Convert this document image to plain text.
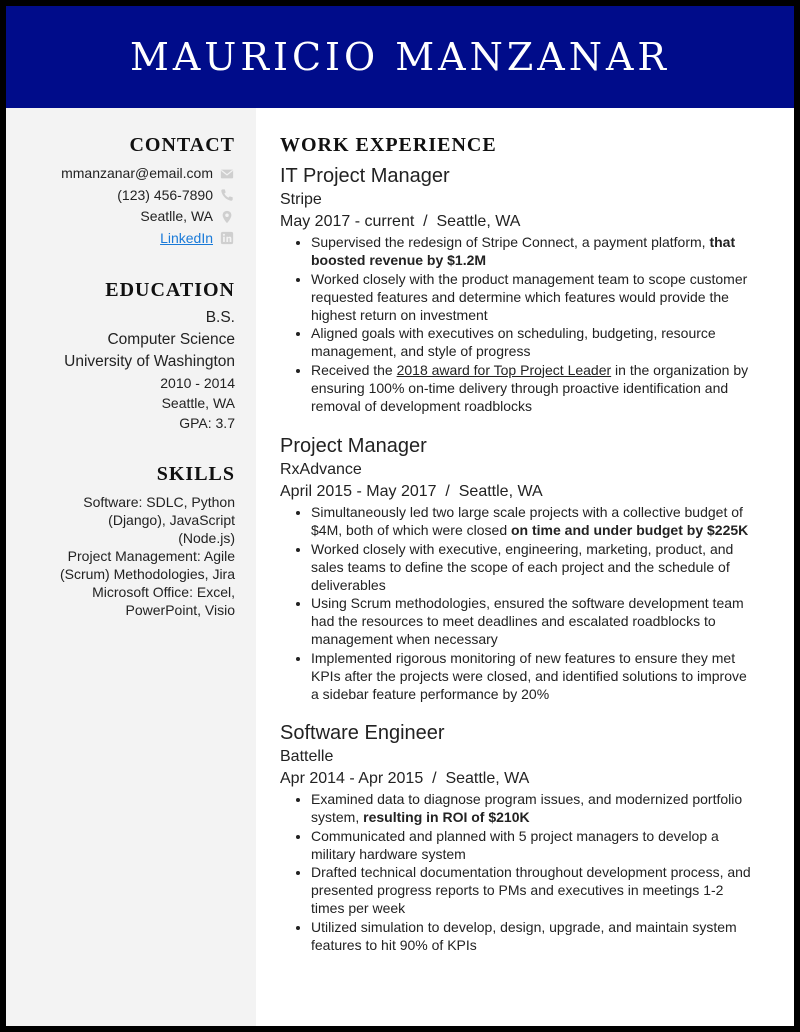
MAURICIO MANZANAR
CONTACT
mmanzanar@email.com
(123) 456-7890
Seatlle, WA
LinkedIn
EDUCATION
B.S.
Computer Science
University of Washington
2010 - 2014
Seattle, WA
GPA: 3.7
SKILLS
Software: SDLC, Python (Django), JavaScript (Node.js)
Project Management: Agile (Scrum) Methodologies, Jira
Microsoft Office: Excel, PowerPoint, Visio
WORK EXPERIENCE
IT Project Manager
Stripe
May 2017 - current  /  Seattle, WA
• Supervised the redesign of Stripe Connect, a payment platform, that boosted revenue by $1.2M
• Worked closely with the product management team to scope customer requested features and determine which features would provide the highest return on investment
• Aligned goals with executives on scheduling, budgeting, resource management, and style of progress
• Received the 2018 award for Top Project Leader in the organization by ensuring 100% on-time delivery through proactive identification and removal of development roadblocks
Project Manager
RxAdvance
April 2015 - May 2017  /  Seattle, WA
• Simultaneously led two large scale projects with a collective budget of $4M, both of which were closed on time and under budget by $225K
• Worked closely with executive, engineering, marketing, product, and sales teams to define the scope of each project and the schedule of deliverables
• Using Scrum methodologies, ensured the software development team had the resources to meet deadlines and escalated roadblocks to management when necessary
• Implemented rigorous monitoring of new features to ensure they met KPIs after the projects were closed, and identified solutions to improve a sidebar feature performance by 20%
Software Engineer
Battelle
Apr 2014 - Apr 2015  /  Seattle, WA
• Examined data to diagnose program issues, and modernized portfolio system, resulting in ROI of $210K
• Communicated and planned with 5 project managers to develop a military hardware system
• Drafted technical documentation throughout development process, and presented progress reports to PMs and executives in meetings 1-2 times per week
• Utilized simulation to develop, design, upgrade, and maintain system features to hit 90% of KPIs
